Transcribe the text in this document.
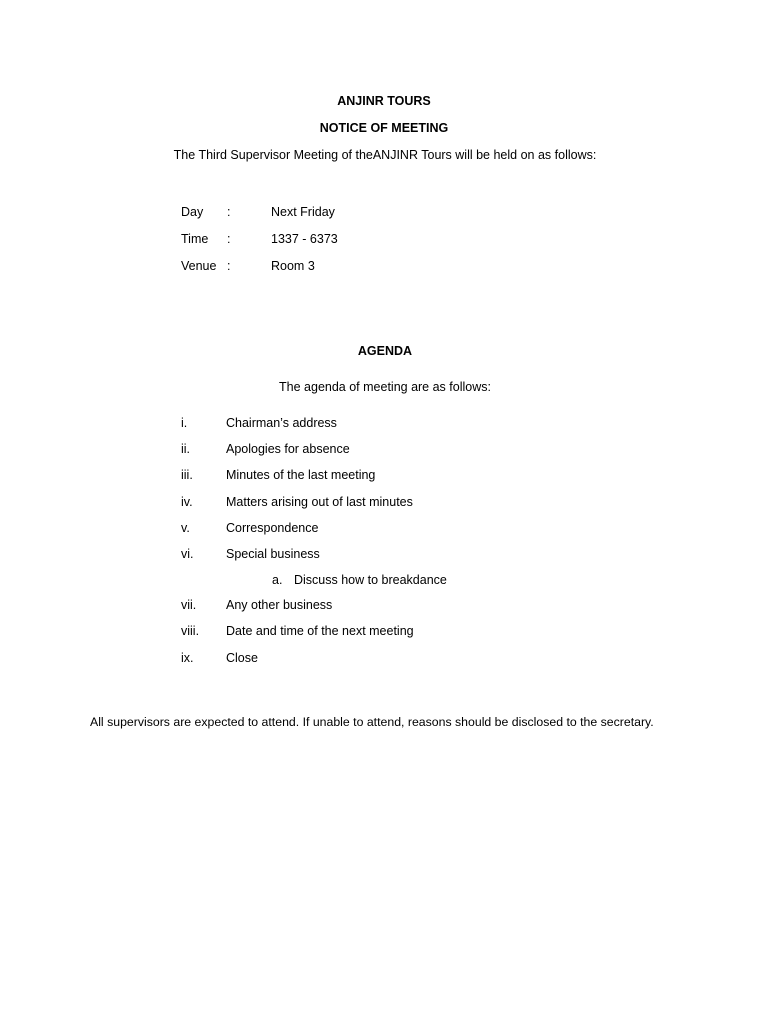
ANJINR TOURS
NOTICE OF MEETING
The Third Supervisor Meeting of theANJINR Tours will be held on as follows:
Day :	Next Friday
Time :	1337 - 6373
Venue :	Room 3
AGENDA
The agenda of meeting are as follows:
i.	Chairman’s address
ii.	Apologies for absence
iii.	Minutes of the last meeting
iv.	Matters arising out of last minutes
v.	Correspondence
vi.	Special business
a. Discuss how to breakdance
vii. Any other business
viii. Date and time of the next meeting
ix.	Close
All supervisors are expected to attend. If unable to attend, reasons should be disclosed to the secretary.
